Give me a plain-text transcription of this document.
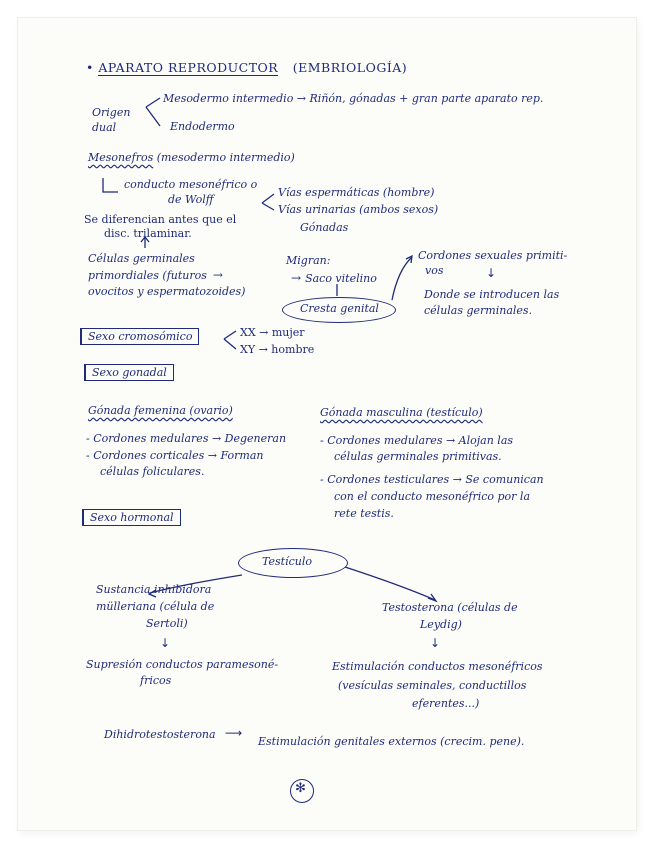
• APARATO REPRODUCTOR (EMBRIOLOGÍA)
Origen
dual
Mesodermo intermedio → Riñón, gónadas + gran parte aparato rep.
Endodermo
Mesonefros (mesodermo intermedio)
conducto mesonéfrico o
de Wolff
Vías espermáticas (hombre)
Vías urinarias (ambos sexos)
Gónadas
Se diferencian antes que el
disc. trilaminar.
Células germinales
primordiales (futuros →
ovocitos y espermatozoides)
Migran:
→ Saco vitelino
Cresta genital
Cordones sexuales primiti-
vos	↓
Donde se introducen las
células germinales.
Sexo cromosómico	XX → mujer
XY → hombre
Sexo gonadal
Gónada femenina (ovario)
- Cordones medulares → Degeneran
- Cordones corticales → Forman
células foliculares.
Gónada masculina (testículo)
- Cordones medulares → Alojan las
células germinales primitivas.
- Cordones testiculares → Se comunican
con el conducto mesonéfrico por la
rete testis.
Sexo hormonal
Testículo
Sustancia inhibidora
mülleriana (célula de
Sertoli)
↓
Supresión conductos paramesoné-
fricos
Testosterona (células de
Leydig)
↓
Estimulación conductos mesonéfricos
(vesículas seminales, conductillos
eferentes...)
Dihidrotestosterona ⟶
Estimulación genitales externos (crecim. pene).
✻
